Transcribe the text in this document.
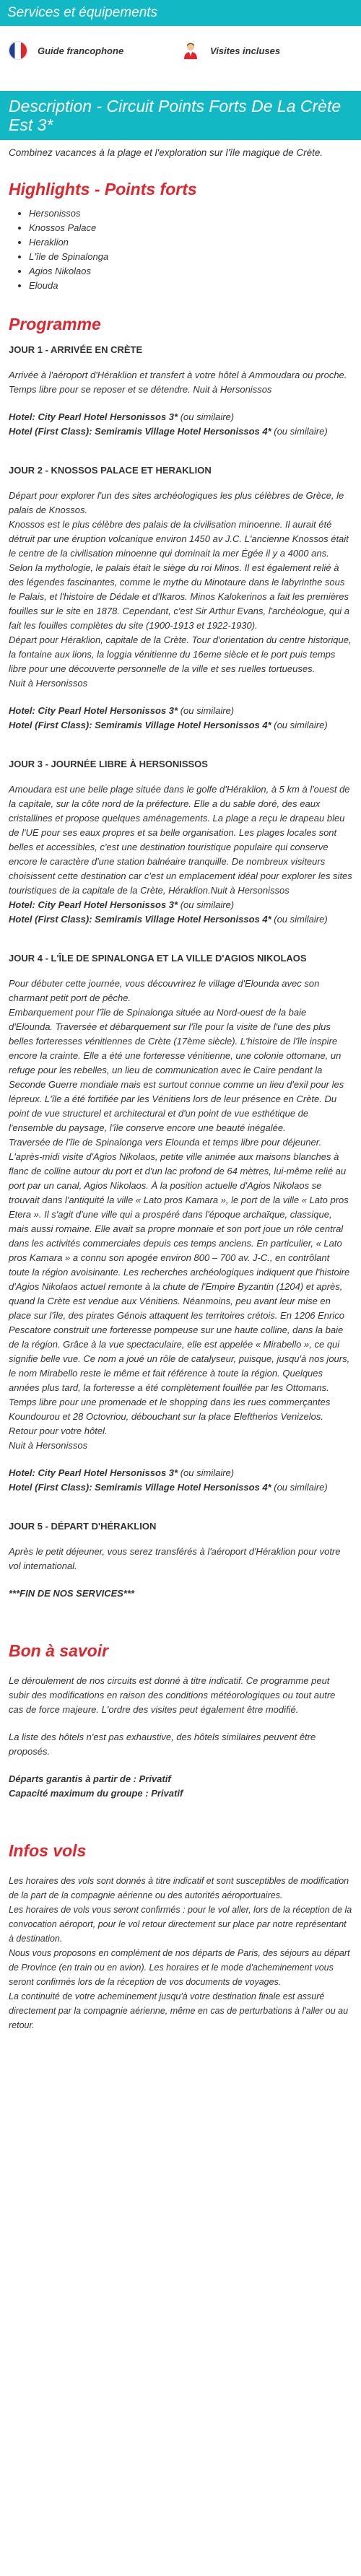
Services et équipements
Guide francophone	Visites incluses
Description - Circuit Points Forts De La Crète Est 3*
Combinez vacances à la plage et l'exploration sur l'île magique de Crète.
Highlights - Points forts
• Hersonissos
• Knossos Palace
• Heraklion
• L'île de Spinalonga
• Agios Nikolaos
• Elouda
Programme
JOUR 1 - ARRIVÉE EN CRÈTE

Arrivée à l'aéroport d'Héraklion et transfert à votre hôtel à Ammoudara ou proche. Temps libre pour se reposer et se détendre. Nuit à Hersonissos

Hotel: City Pearl Hotel Hersonissos 3* (ou similaire)
Hotel (First Class): Semiramis Village Hotel Hersonissos 4* (ou similaire)
JOUR 2 - KNOSSOS PALACE ET HERAKLION

Départ pour explorer l'un des sites archéologiques les plus célèbres de Grèce, le palais de Knossos.
Knossos est le plus célèbre des palais de la civilisation minoenne. Il aurait été détruit par une éruption volcanique environ 1450 av J.C. L'ancienne Knossos était le centre de la civilisation minoenne qui dominait la mer Égée il y a 4000 ans. Selon la mythologie, le palais était le siège du roi Minos. Il est également relié à des légendes fascinantes, comme le mythe du Minotaure dans le labyrinthe sous le Palais, et l'histoire de Dédale et d'Ikaros. Minos Kalokerinos a fait les premières fouilles sur le site en 1878. Cependant, c'est Sir Arthur Evans, l'archéologue, qui a fait les fouilles complètes du site (1900-1913 et 1922-1930).
Départ pour Héraklion, capitale de la Crète. Tour d'orientation du centre historique, la fontaine aux lions, la loggia vénitienne du 16eme siècle et le port puis temps libre pour une découverte personnelle de la ville et ses ruelles tortueuses.
Nuit à Hersonissos

Hotel: City Pearl Hotel Hersonissos 3* (ou similaire)
Hotel (First Class): Semiramis Village Hotel Hersonissos 4* (ou similaire)
JOUR 3 - JOURNÉE LIBRE À HERSONISSOS

Amoudara est une belle plage située dans le golfe d'Héraklion, à 5 km à l'ouest de la capitale, sur la côte nord de la préfecture. Elle a du sable doré, des eaux cristallines et propose quelques aménagements. La plage a reçu le drapeau bleu de l'UE pour ses eaux propres et sa belle organisation. Les plages locales sont belles et accessibles, c'est une destination touristique populaire qui conserve encore le caractère d'une station balnéaire tranquille. De nombreux visiteurs choisissent cette destination car c'est un emplacement idéal pour explorer les sites touristiques de la capitale de la Crète, Héraklion.Nuit à Hersonissos

Hotel: City Pearl Hotel Hersonissos 3* (ou similaire)
Hotel (First Class): Semiramis Village Hotel Hersonissos 4* (ou similaire)
JOUR 4 - L'ÎLE DE SPINALONGA ET LA VILLE D'AGIOS NIKOLAOS

Pour débuter cette journée, vous découvrirez le village d'Elounda avec son charmant petit port de pêche.
Embarquement pour l'île de Spinalonga située au Nord-ouest de la baie d'Elounda. Traversée et débarquement sur l'île pour la visite de l'une des plus belles forteresses vénitiennes de Crète (17ème siècle). L'histoire de l'île inspire encore la crainte. Elle a été une forteresse vénitienne, une colonie ottomane, un refuge pour les rebelles, un lieu de communication avec le Caire pendant la Seconde Guerre mondiale mais est surtout connue comme un lieu d'exil pour les lépreux. L'île a été fortifiée par les Vénitiens lors de leur présence en Crète. Du point de vue structurel et architectural et d'un point de vue esthétique de l'ensemble du paysage, l'île conserve encore une beauté inégalée.
Traversée de l'île de Spinalonga vers Elounda et temps libre pour déjeuner.
L'après-midi visite d'Agios Nikolaos, petite ville animée aux maisons blanches à flanc de colline autour du port et d'un lac profond de 64 mètres, lui-même relié au port par un canal, Agios Nikolaos. À la position actuelle d'Agios Nikolaos se trouvait dans l'antiquité la ville « Lato pros Kamara », le port de la ville « Lato pros Etera ». Il s'agit d'une ville qui a prospéré dans l'époque archaïque, classique, mais aussi romaine. Elle avait sa propre monnaie et son port joue un rôle central dans les activités commerciales depuis ces temps anciens. En particulier, « Lato pros Kamara » a connu son apogée environ 800 – 700 av. J-C., en contrôlant toute la région avoisinante. Les recherches archéologiques indiquent que l'histoire d'Agios Nikolaos actuel remonte à la chute de l'Empire Byzantin (1204) et après, quand la Crète est vendue aux Vénitiens. Néanmoins, peu avant leur mise en place sur l'île, des pirates Génois attaquent les territoires crétois. En 1206 Enrico Pescatore construit une forteresse pompeuse sur une haute colline, dans la baie de la région. Grâce à la vue spectaculaire, elle est appelée « Mirabello », ce qui signifie belle vue. Ce nom a joué un rôle de catalyseur, puisque, jusqu'à nos jours, le nom Mirabello reste le même et fait référence à toute la région. Quelques années plus tard, la forteresse a été complètement fouillée par les Ottomans. Temps libre pour une promenade et le shopping dans les rues commerçantes Koundourou et 28 Octovriou, débouchant sur la place Eleftherios Venizelos. Retour pour votre hôtel.
Nuit à Hersonissos

Hotel: City Pearl Hotel Hersonissos 3* (ou similaire)
Hotel (First Class): Semiramis Village Hotel Hersonissos 4* (ou similaire)
JOUR 5 - DÉPART D'HÉRAKLION

Après le petit déjeuner, vous serez transférés à l'aéroport d'Héraklion pour votre vol international.

***FIN DE NOS SERVICES***
Bon à savoir

Le déroulement de nos circuits est donné à titre indicatif. Ce programme peut subir des modifications en raison des conditions météorologiques ou tout autre cas de force majeure. L'ordre des visites peut également être modifié.

La liste des hôtels n'est pas exhaustive, des hôtels similaires peuvent être proposés.

Départs garantis à partir de : Privatif
Capacité maximum du groupe : Privatif
Infos vols

Les horaires des vols sont donnés à titre indicatif et sont susceptibles de modification de la part de la compagnie aérienne ou des autorités aéroportuaires.
Les horaires de vols vous seront confirmés : pour le vol aller, lors de la réception de la convocation aéroport, pour le vol retour directement sur place par notre représentant à destination.
Nous vous proposons en complément de nos départs de Paris, des séjours au départ de Province (en train ou en avion). Les horaires et le mode d'acheminement vous seront confirmés lors de la réception de vos documents de voyages.
La continuité de votre acheminement jusqu'à votre destination finale est assuré directement par la compagnie aérienne, même en cas de perturbations à l'aller ou au retour.
